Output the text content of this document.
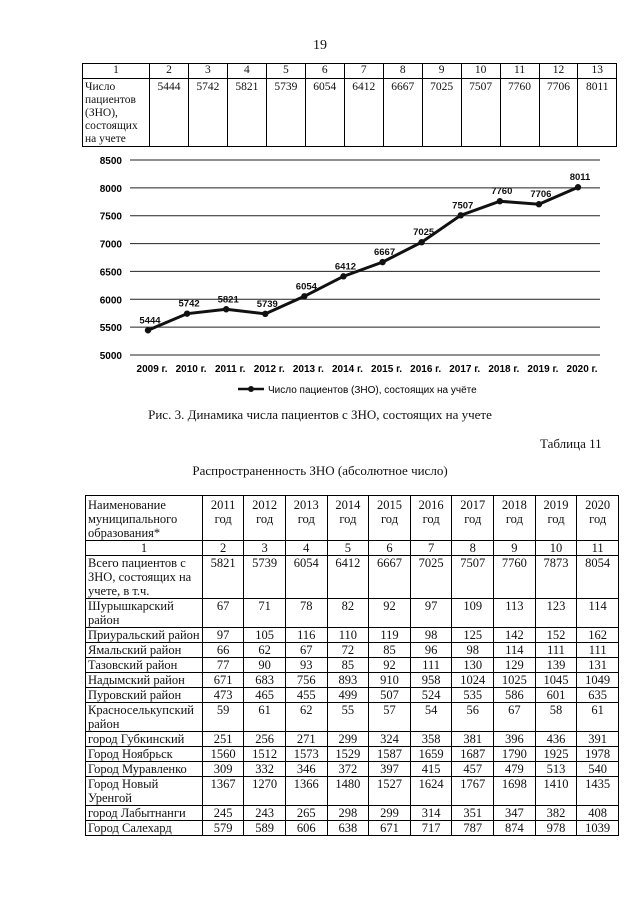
19
1	2	3	4	5	6	7	8	9	10	11	12	13
Число пациентов (ЗНО), состоящих на учете	5444	5742	5821	5739	6054	6412	6667	7025	7507	7760	7706	8011
8500
8000
7500
7000
6500
6000
5500
5000
2009 г. 2010 г. 2011 г. 2012 г. 2013 г. 2014 г. 2015 г. 2016 г. 2017 г. 2018 г. 2019 г. 2020 г.
5444
5742 5821 5739
6054
6412
6667
7025
7507
7760 7706
8011
Число пациентов (ЗНО), состоящих на учёте
Рис. 3. Динамика числа пациентов с ЗНО, состоящих на учете
Таблица 11
Распространенность ЗНО (абсолютное число)
Наименование муниципального образования*	2011 год	2012 год	2013 год	2014 год	2015 год	2016 год	2017 год	2018 год	2019 год	2020 год
1	2	3	4	5	6	7	8	9	10	11
Всего пациентов с ЗНО, состоящих на учете, в т.ч.	5821	5739	6054	6412	6667	7025	7507	7760	7873	8054
Шурышкарский район	67	71	78	82	92	97	109	113	123	114
Приуральский район	97	105	116	110	119	98	125	142	152	162
Ямальский район	66	62	67	72	85	96	98	114	111	111
Тазовский район	77	90	93	85	92	111	130	129	139	131
Надымский район	671	683	756	893	910	958	1024	1025	1045	1049
Пуровский район	473	465	455	499	507	524	535	586	601	635
Красноселькупский район	59	61	62	55	57	54	56	67	58	61
город Губкинский	251	256	271	299	324	358	381	396	436	391
Город Ноябрьск	1560	1512	1573	1529	1587	1659	1687	1790	1925	1978
Город Муравленко	309	332	346	372	397	415	457	479	513	540
Город Новый Уренгой	1367	1270	1366	1480	1527	1624	1767	1698	1410	1435
город Лабытнанги	245	243	265	298	299	314	351	347	382	408
Город Салехард	579	589	606	638	671	717	787	874	978	1039
